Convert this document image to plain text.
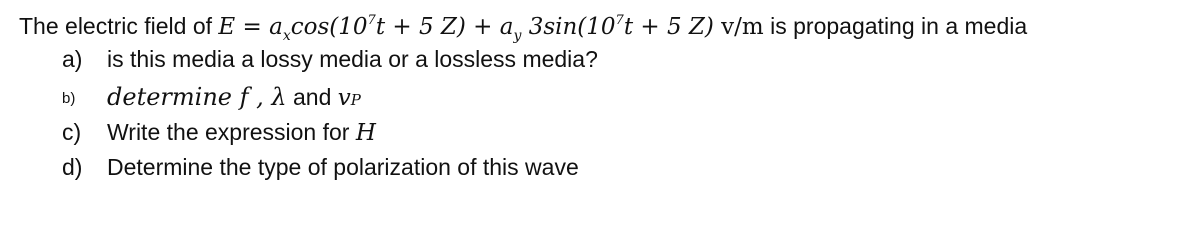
The electric field of $E = a_x\cos(10^7t + 5$ $Z) + a_y$ $3\sin(10^7t + 5$ Z) v/m is propagating in a media
a) is this media a lossy media or a lossless media?
b) determine f , λ and vP
c) Write the expression for H
d) Determine the type of polarization of this wave
